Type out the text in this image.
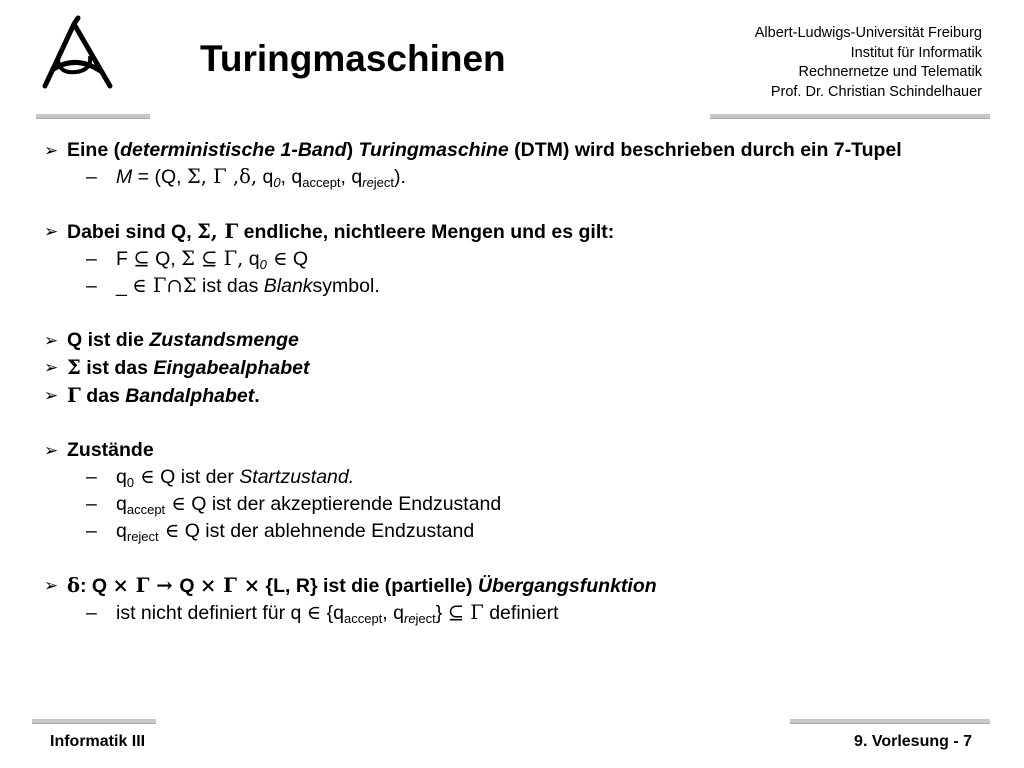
Turingmaschinen
Albert-Ludwigs-Universität Freiburg
Institut für Informatik
Rechnernetze und Telematik
Prof. Dr. Christian Schindelhauer
➢ Eine (deterministische 1-Band) Turingmaschine (DTM) wird beschrieben durch ein 7-Tupel
– M = (Q, Σ, Γ ,δ, $q_0$, $q_{accept}$, $q_{reject}$).
➢ Dabei sind Q, Σ, Γ endliche, nichtleere Mengen und es gilt:
– F ⊆ Q, Σ ⊆ Γ, $q_0$ ∈ Q
– _ ∈ Γ∩Σ ist das Blanksymbol.
➢ Q ist die Zustandsmenge
➢ Σ ist das Eingabealphabet
➢ Γ das Bandalphabet.
➢ Zustände
– $q_0$ ∈ Q ist der Startzustand.
– $q_{accept}$ ∈ Q ist der akzeptierende Endzustand
– $q_{reject}$ ∈ Q ist der ablehnende Endzustand
➢ δ: Q × Γ → Q × Γ × {L, R} ist die (partielle) Übergangsfunktion
– ist nicht definiert für q ∈ {$q_{accept}$, $q_{reject}$} ⊆ Γ definiert
Informatik III	9. Vorlesung - 7
